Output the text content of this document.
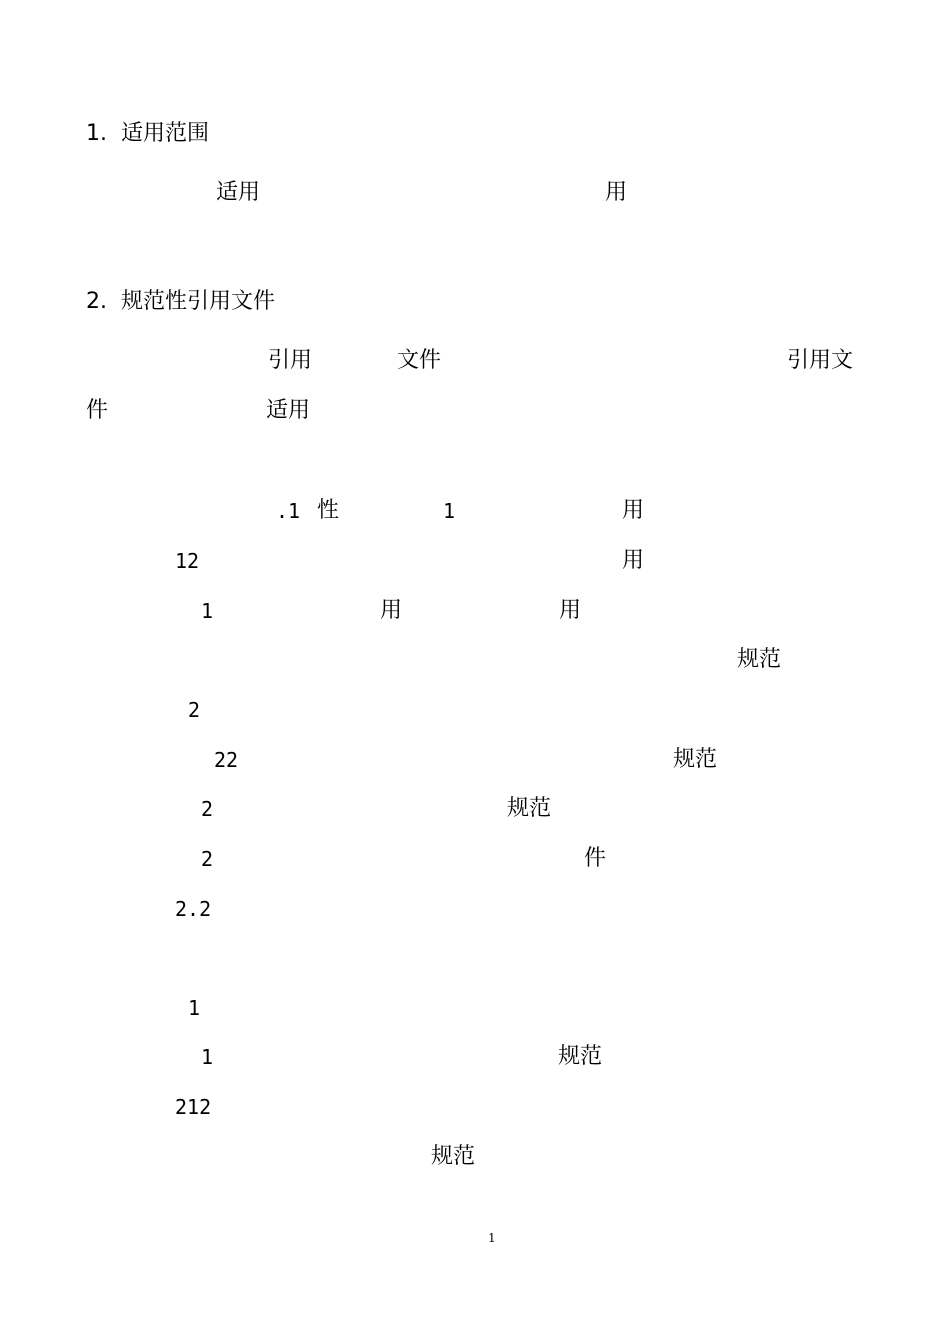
1.  适用范围
适用	用
2.  规范性引用文件
引用	文件	引用文
件	适用
.1 性	1	用
12	用
1	用	用
规范
2
22	规范
2	规范
2	件
2.2
1
1	规范
212
规范
1
